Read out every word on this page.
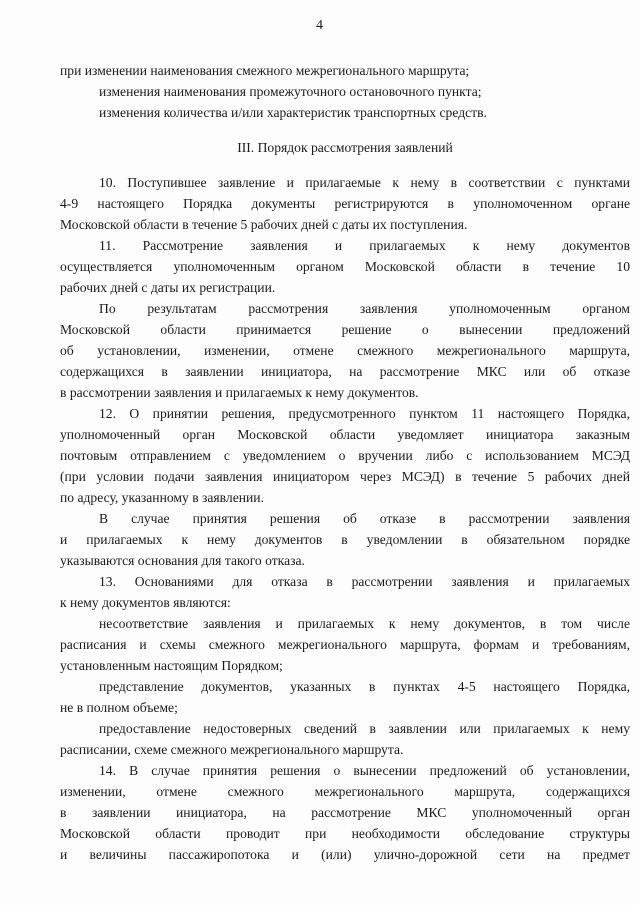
4
при изменении наименования смежного межрегионального маршрута;
изменения наименования промежуточного остановочного пункта;
изменения количества и/или характеристик транспортных средств.
III. Порядок рассмотрения заявлений
10. Поступившее заявление и прилагаемые к нему в соответствии с пунктами
4-9 настоящего Порядка документы регистрируются в уполномоченном органе
Московской области в течение 5 рабочих дней с даты их поступления.
11. Рассмотрение заявления и прилагаемых к нему документов
осуществляется уполномоченным органом Московской области в течение 10
рабочих дней с даты их регистрации.
По результатам рассмотрения заявления уполномоченным органом
Московской области принимается решение о вынесении предложений
об установлении, изменении, отмене смежного межрегионального маршрута,
содержащихся в заявлении инициатора, на рассмотрение МКС или об отказе
в рассмотрении заявления и прилагаемых к нему документов.
12. О принятии решения, предусмотренного пунктом 11 настоящего Порядка,
уполномоченный орган Московской области уведомляет инициатора заказным
почтовым отправлением с уведомлением о вручении либо с использованием МСЭД
(при условии подачи заявления инициатором через МСЭД) в течение 5 рабочих дней
по адресу, указанному в заявлении.
В случае принятия решения об отказе в рассмотрении заявления
и прилагаемых к нему документов в уведомлении в обязательном порядке
указываются основания для такого отказа.
13. Основаниями для отказа в рассмотрении заявления и прилагаемых
к нему документов являются:
несоответствие заявления и прилагаемых к нему документов, в том числе
расписания и схемы смежного межрегионального маршрута, формам и требованиям,
установленным настоящим Порядком;
представление документов, указанных в пунктах 4-5 настоящего Порядка,
не в полном объеме;
предоставление недостоверных сведений в заявлении или прилагаемых к нему
расписании, схеме смежного межрегионального маршрута.
14. В случае принятия решения о вынесении предложений об установлении,
изменении, отмене смежного межрегионального маршрута, содержащихся
в заявлении инициатора, на рассмотрение МКС уполномоченный орган
Московской области проводит при необходимости обследование структуры
и величины пассажиропотока и (или) улично-дорожной сети на предмет
